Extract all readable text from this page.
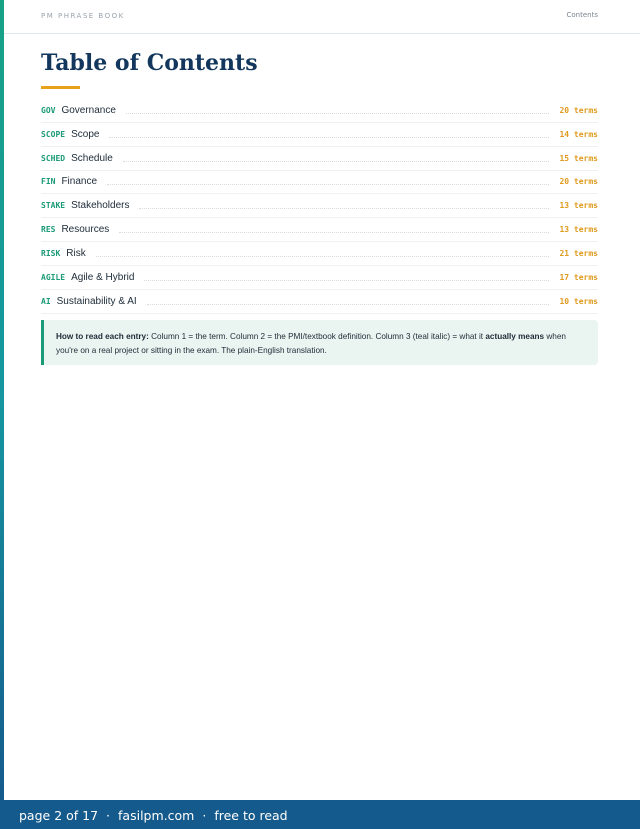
PM PHRASE BOOK	Contents
Table of Contents
GOV Governance	20 terms
SCOPE Scope	14 terms
SCHED Schedule	15 terms
FIN Finance	20 terms
STAKE Stakeholders	13 terms
RES Resources	13 terms
RISK Risk	21 terms
AGILE Agile & Hybrid	17 terms
AI Sustainability & AI	10 terms
How to read each entry: Column 1 = the term. Column 2 = the PMI/textbook definition. Column 3 (teal italic) = what it actually means when you're on a real project or sitting in the exam. The plain-English translation.
page 2 of 17 · fasilpm.com · free to read
